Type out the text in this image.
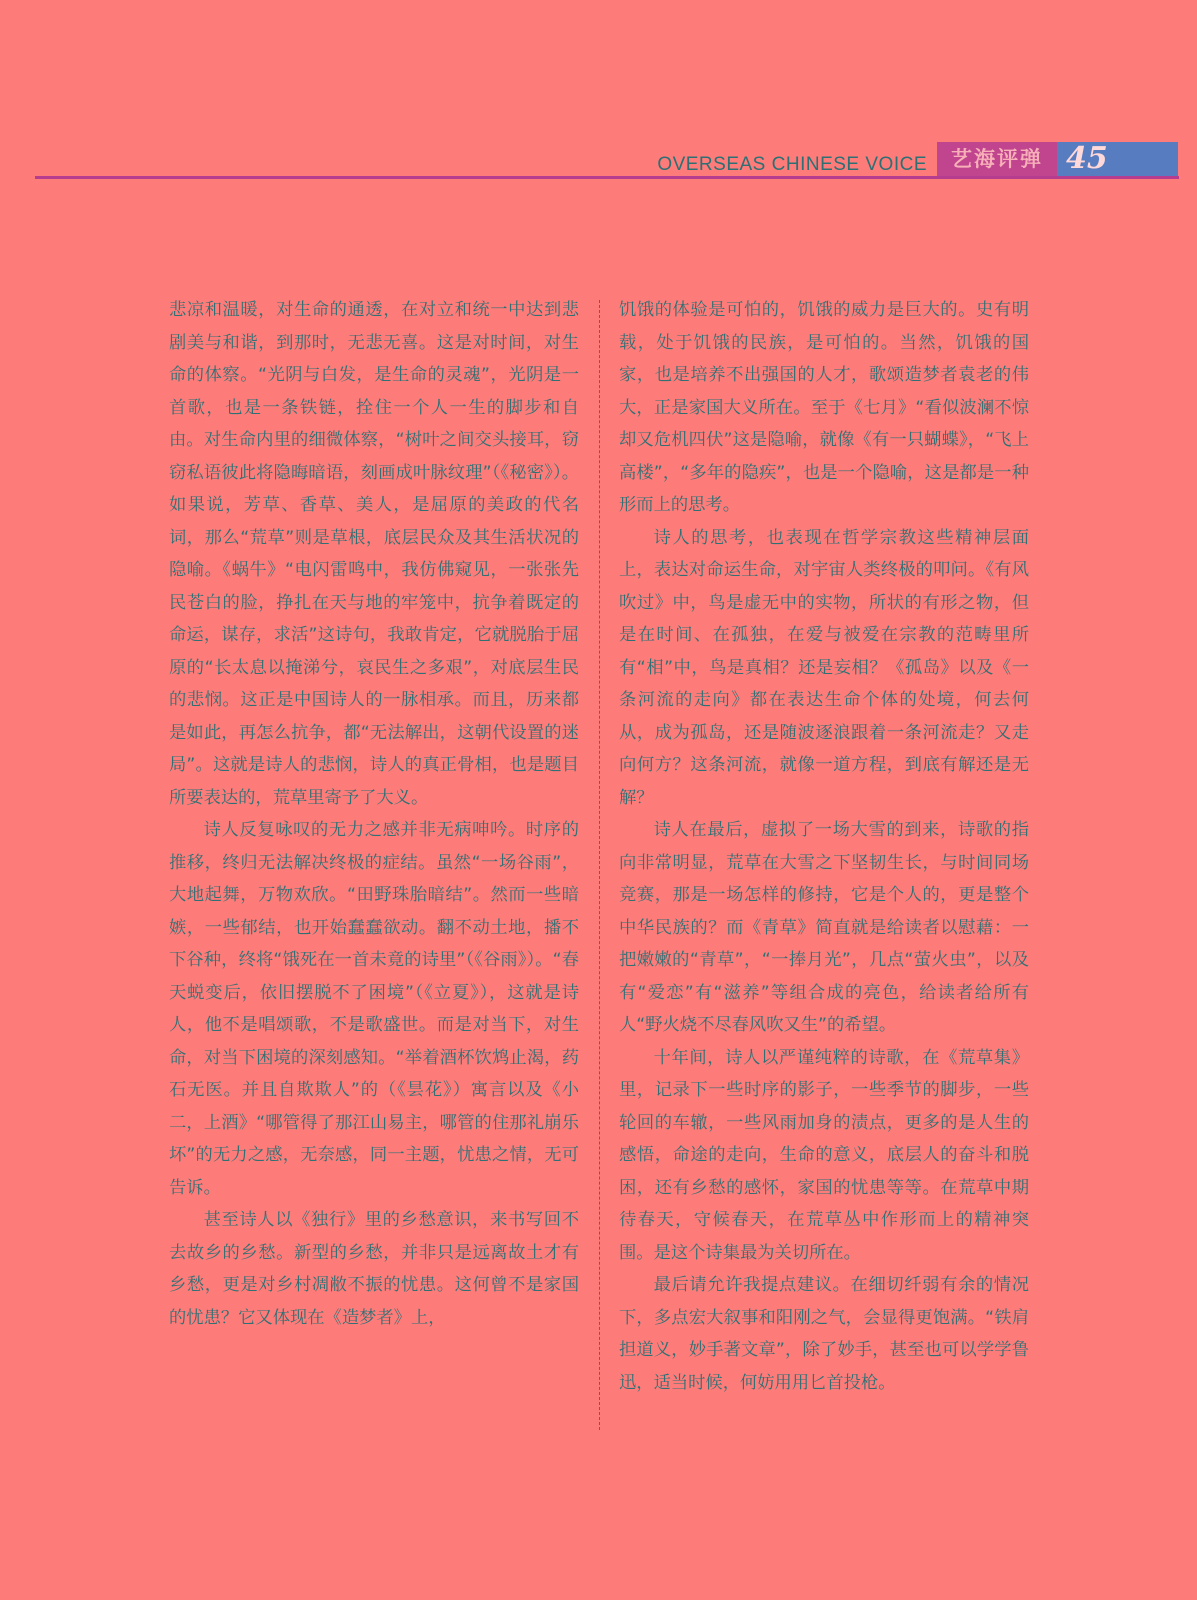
OVERSEAS CHINESE VOICE	艺海评弹 45

悲凉和温暖，对生命的通透，在对立和统一中达到悲剧美与和谐，到那时，无悲无喜。这是对时间，对生命的体察。“光阴与白发，是生命的灵魂”，光阴是一首歌，也是一条铁链，拴住一个人一生的脚步和自由。对生命内里的细微体察，“树叶之间交头接耳，窃窃私语彼此将隐晦暗语，刻画成叶脉纹理”（《秘密》）。如果说，芳草、香草、美人，是屈原的美政的代名词，那么“荒草”则是草根，底层民众及其生活状况的隐喻。《蜗牛》“电闪雷鸣中，我仿佛窥见，一张张先民苍白的脸，挣扎在天与地的牢笼中，抗争着既定的命运，谋存，求活”这诗句，我敢肯定，它就脱胎于屈原的“长太息以掩涕兮，哀民生之多艰”，对底层生民的悲悯。这正是中国诗人的一脉相承。而且，历来都是如此，再怎么抗争，都“无法解出，这朝代设置的迷局”。这就是诗人的悲悯，诗人的真正骨相，也是题目所要表达的，荒草里寄予了大义。

诗人反复咏叹的无力之感并非无病呻吟。时序的推移，终归无法解决终极的症结。虽然“一场谷雨”，大地起舞，万物欢欣。“田野珠胎暗结”。然而一些暗嫉，一些郁结，也开始蠢蠢欲动。翻不动土地，播不下谷种，终将“饿死在一首未竟的诗里”（《谷雨》）。“春天蜕变后，依旧摆脱不了困境”（《立夏》），这就是诗人，他不是唱颂歌，不是歌盛世。而是对当下，对生命，对当下困境的深刻感知。“举着酒杯饮鸩止渴，药石无医。并且自欺欺人”的（《昙花》）寓言以及《小二，上酒》“哪管得了那江山易主，哪管的住那礼崩乐坏”的无力之感，无奈感，同一主题，忧患之情，无可告诉。

甚至诗人以《独行》里的乡愁意识，来书写回不去故乡的乡愁。新型的乡愁，并非只是远离故土才有乡愁，更是对乡村凋敝不振的忧患。这何曾不是家国的忧患？它又体现在《造梦者》上，

饥饿的体验是可怕的，饥饿的威力是巨大的。史有明载，处于饥饿的民族，是可怕的。当然，饥饿的国家，也是培养不出强国的人才，歌颂造梦者袁老的伟大，正是家国大义所在。至于《七月》“看似波澜不惊却又危机四伏”这是隐喻，就像《有一只蝴蝶》，“飞上高楼”，“多年的隐疾”，也是一个隐喻，这是都是一种形而上的思考。

诗人的思考，也表现在哲学宗教这些精神层面上，表达对命运生命，对宇宙人类终极的叩问。《有风吹过》中，鸟是虚无中的实物，所状的有形之物，但是在时间、在孤独，在爱与被爱在宗教的范畴里所有“相”中，鸟是真相？还是妄相？《孤岛》以及《一条河流的走向》都在表达生命个体的处境，何去何从，成为孤岛，还是随波逐浪跟着一条河流走？又走向何方？这条河流，就像一道方程，到底有解还是无解？

诗人在最后，虚拟了一场大雪的到来，诗歌的指向非常明显，荒草在大雪之下坚韧生长，与时间同场竞赛，那是一场怎样的修持，它是个人的，更是整个中华民族的？而《青草》简直就是给读者以慰藉：一把嫩嫩的“青草”，“一捧月光”，几点“萤火虫”，以及有“爱恋”有“滋养”等组合成的亮色，给读者给所有人“野火烧不尽春风吹又生”的希望。

十年间，诗人以严谨纯粹的诗歌，在《荒草集》里，记录下一些时序的影子，一些季节的脚步，一些轮回的车辙，一些风雨加身的渍点，更多的是人生的感悟，命途的走向，生命的意义，底层人的奋斗和脱困，还有乡愁的感怀，家国的忧患等等。在荒草中期待春天，守候春天，在荒草丛中作形而上的精神突围。是这个诗集最为关切所在。

最后请允许我提点建议。在细切纤弱有余的情况下，多点宏大叙事和阳刚之气，会显得更饱满。“铁肩担道义，妙手著文章”，除了妙手，甚至也可以学学鲁迅，适当时候，何妨用用匕首投枪。
